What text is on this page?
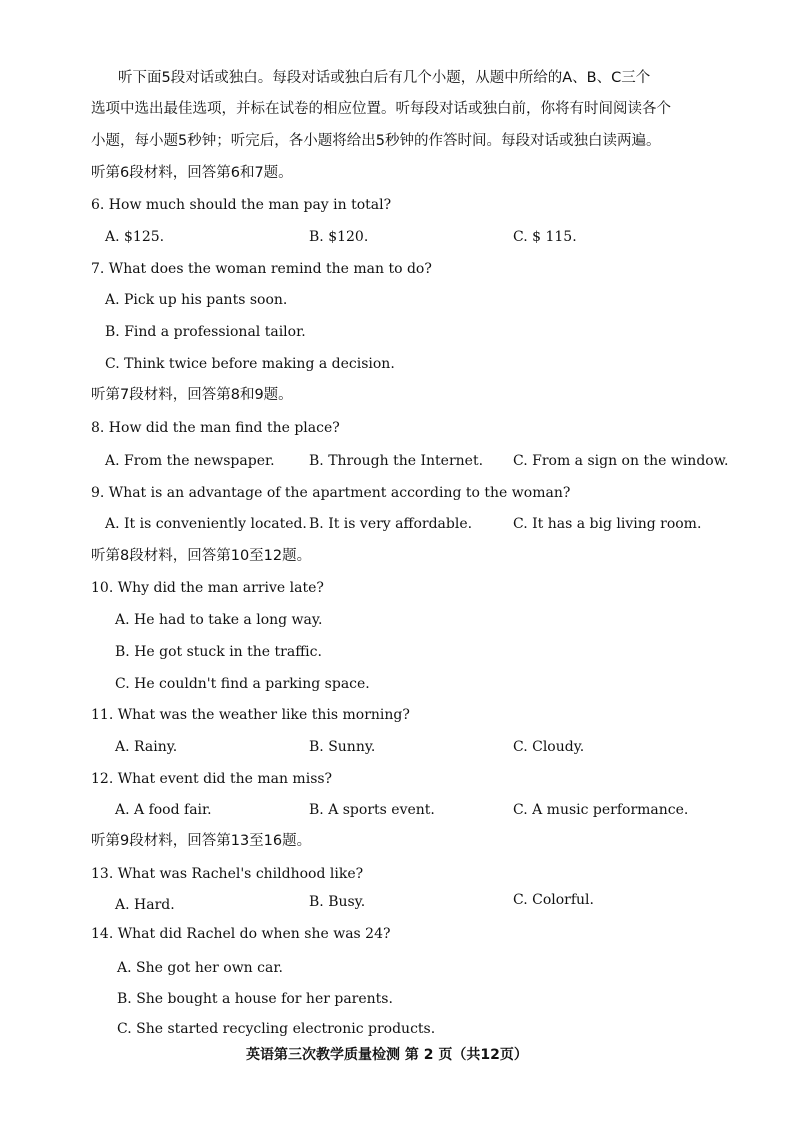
听下面5段对话或独白。每段对话或独白后有几个小题，从题中所给的A、B、C三个
选项中选出最佳选项，并标在试卷的相应位置。听每段对话或独白前，你将有时间阅读各个
小题，每小题5秒钟；听完后，各小题将给出5秒钟的作答时间。每段对话或独白读两遍。
听第6段材料，回答第6和7题。
6. How much should the man pay in total?
A. $125.	B. $120.	C. $ 115.
7. What does the woman remind the man to do?
A. Pick up his pants soon.
B. Find a professional tailor.
C. Think twice before making a decision.
听第7段材料，回答第8和9题。
8. How did the man find the place?
A. From the newspaper. B. Through the Internet. C. From a sign on the window.
9. What is an advantage of the apartment according to the woman?
A. It is conveniently located. B. It is very affordable.	C. It has a big living room.
听第8段材料，回答第10至12题。
10. Why did the man arrive late?
A. He had to take a long way.
B. He got stuck in the traffic.
C. He couldn't find a parking space.
11. What was the weather like this morning?
A. Rainy.	B. Sunny.	C. Cloudy.
12. What event did the man miss?
A. A food fair.	B. A sports event.	C. A music performance.
听第9段材料，回答第13至16题。
13. What was Rachel's childhood like?
A. Hard.	B. Busy.	C. Colorful.
14. What did Rachel do when she was 24?
A. She got her own car.
B. She bought a house for her parents.
C. She started recycling electronic products.
英语第三次教学质量检测 第 2 页（共12页）
